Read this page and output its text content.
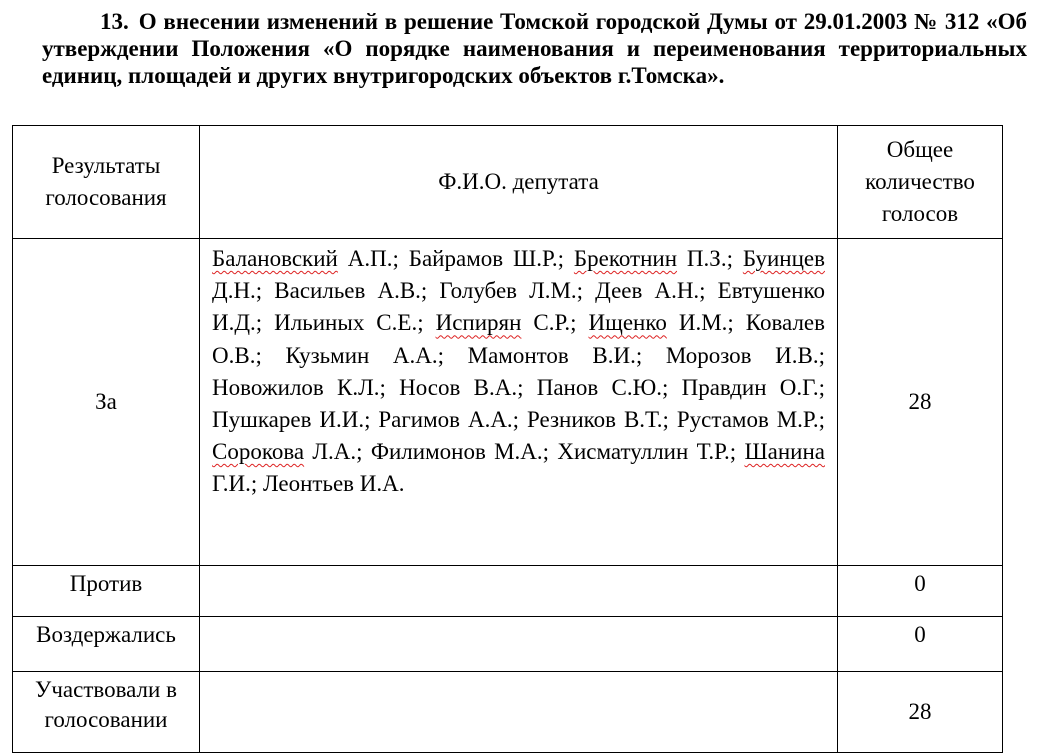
13. О внесении изменений в решение Томской городской Думы от 29.01.2003 № 312 «Об утверждении Положения «О порядке наименования и переименования территориальных единиц, площадей и других внутригородских объектов г.Томска».
Результаты голосования	Ф.И.О. депутата	Общее количество голосов
За	Балановский А.П.; Байрамов Ш.Р.; Брекотнин П.З.; Буинцев Д.Н.; Васильев А.В.; Голубев Л.М.; Деев А.Н.; Евтушенко И.Д.; Ильиных С.Е.; Испирян С.Р.; Ищенко И.М.; Ковалев О.В.; Кузьмин А.А.; Мамонтов В.И.; Морозов И.В.; Новожилов К.Л.; Носов В.А.; Панов С.Ю.; Правдин О.Г.; Пушкарев И.И.; Рагимов А.А.; Резников В.Т.; Рустамов М.Р.; Сорокова Л.А.; Филимонов М.А.; Хисматуллин Т.Р.; Шанина Г.И.; Леонтьев И.А.	28
Против		0
Воздержались		0
Участвовали в голосовании		28
